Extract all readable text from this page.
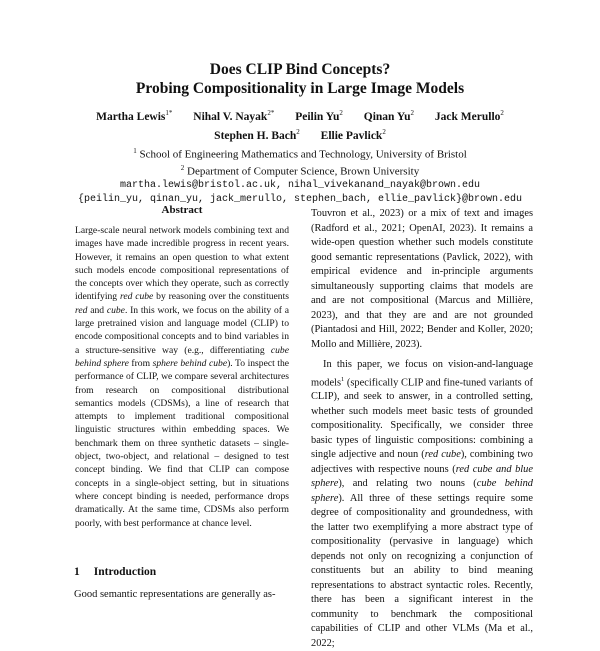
Does CLIP Bind Concepts?
Probing Compositionality in Large Image Models
Martha Lewis$^{1*}$ Nihal V. Nayak$^{2*}$ Peilin Yu$^2$ Qinan Yu$^2$ Jack Merullo$^2$
Stephen H. Bach$^2$ Ellie Pavlick$^2$
$^1$ School of Engineering Mathematics and Technology, University of Bristol
$^2$ Department of Computer Science, Brown University
martha.lewis@bristol.ac.uk, nihal_vivekanand_nayak@brown.edu
{peilin_yu, qinan_yu, jack_merullo, stephen_bach, ellie_pavlick}@brown.edu
Abstract
Large-scale neural network models combining text and images have made incredible progress in recent years. However, it remains an open question to what extent such models encode compositional representations of the concepts over which they operate, such as correctly identifying red cube by reasoning over the constituents red and cube. In this work, we focus on the ability of a large pretrained vision and language model (CLIP) to encode compositional concepts and to bind variables in a structure-sensitive way (e.g., differentiating cube behind sphere from sphere behind cube). To inspect the performance of CLIP, we compare several architectures from research on compositional distributional semantics models (CDSMs), a line of research that attempts to implement traditional compositional linguistic structures within embedding spaces. We benchmark them on three synthetic datasets – single-object, two-object, and relational – designed to test concept binding. We find that CLIP can compose concepts in a single-object setting, but in situations where concept binding is needed, performance drops dramatically. At the same time, CDSMs also perform poorly, with best performance at chance level.
1 Introduction
Good semantic representations are generally as-

Touvron et al., 2023) or a mix of text and images (Radford et al., 2021; OpenAI, 2023). It remains a wide-open question whether such models constitute good semantic representations (Pavlick, 2022), with empirical evidence and in-principle arguments simultaneously supporting claims that models are and are not compositional (Marcus and Millière, 2023), and that they are and are not grounded (Piantadosi and Hill, 2022; Bender and Koller, 2020; Mollo and Millière, 2023).

In this paper, we focus on vision-and-language models$^1$ (specifically CLIP and fine-tuned variants of CLIP), and seek to answer, in a controlled setting, whether such models meet basic tests of grounded compositionality. Specifically, we consider three basic types of linguistic compositions: combining a single adjective and noun (red cube), combining two adjectives with respective nouns (red cube and blue sphere), and relating two nouns (cube behind sphere). All three of these settings require some degree of compositionality and groundedness, with the latter two exemplifying a more abstract type of compositionality (pervasive in language) which depends not only on recognizing a conjunction of constituents but an ability to bind meaning representations to abstract syntactic roles. Recently, there has been a significant interest in the community to benchmark the compositional capabilities of CLIP and other VLMs (Ma et al., 2022;
